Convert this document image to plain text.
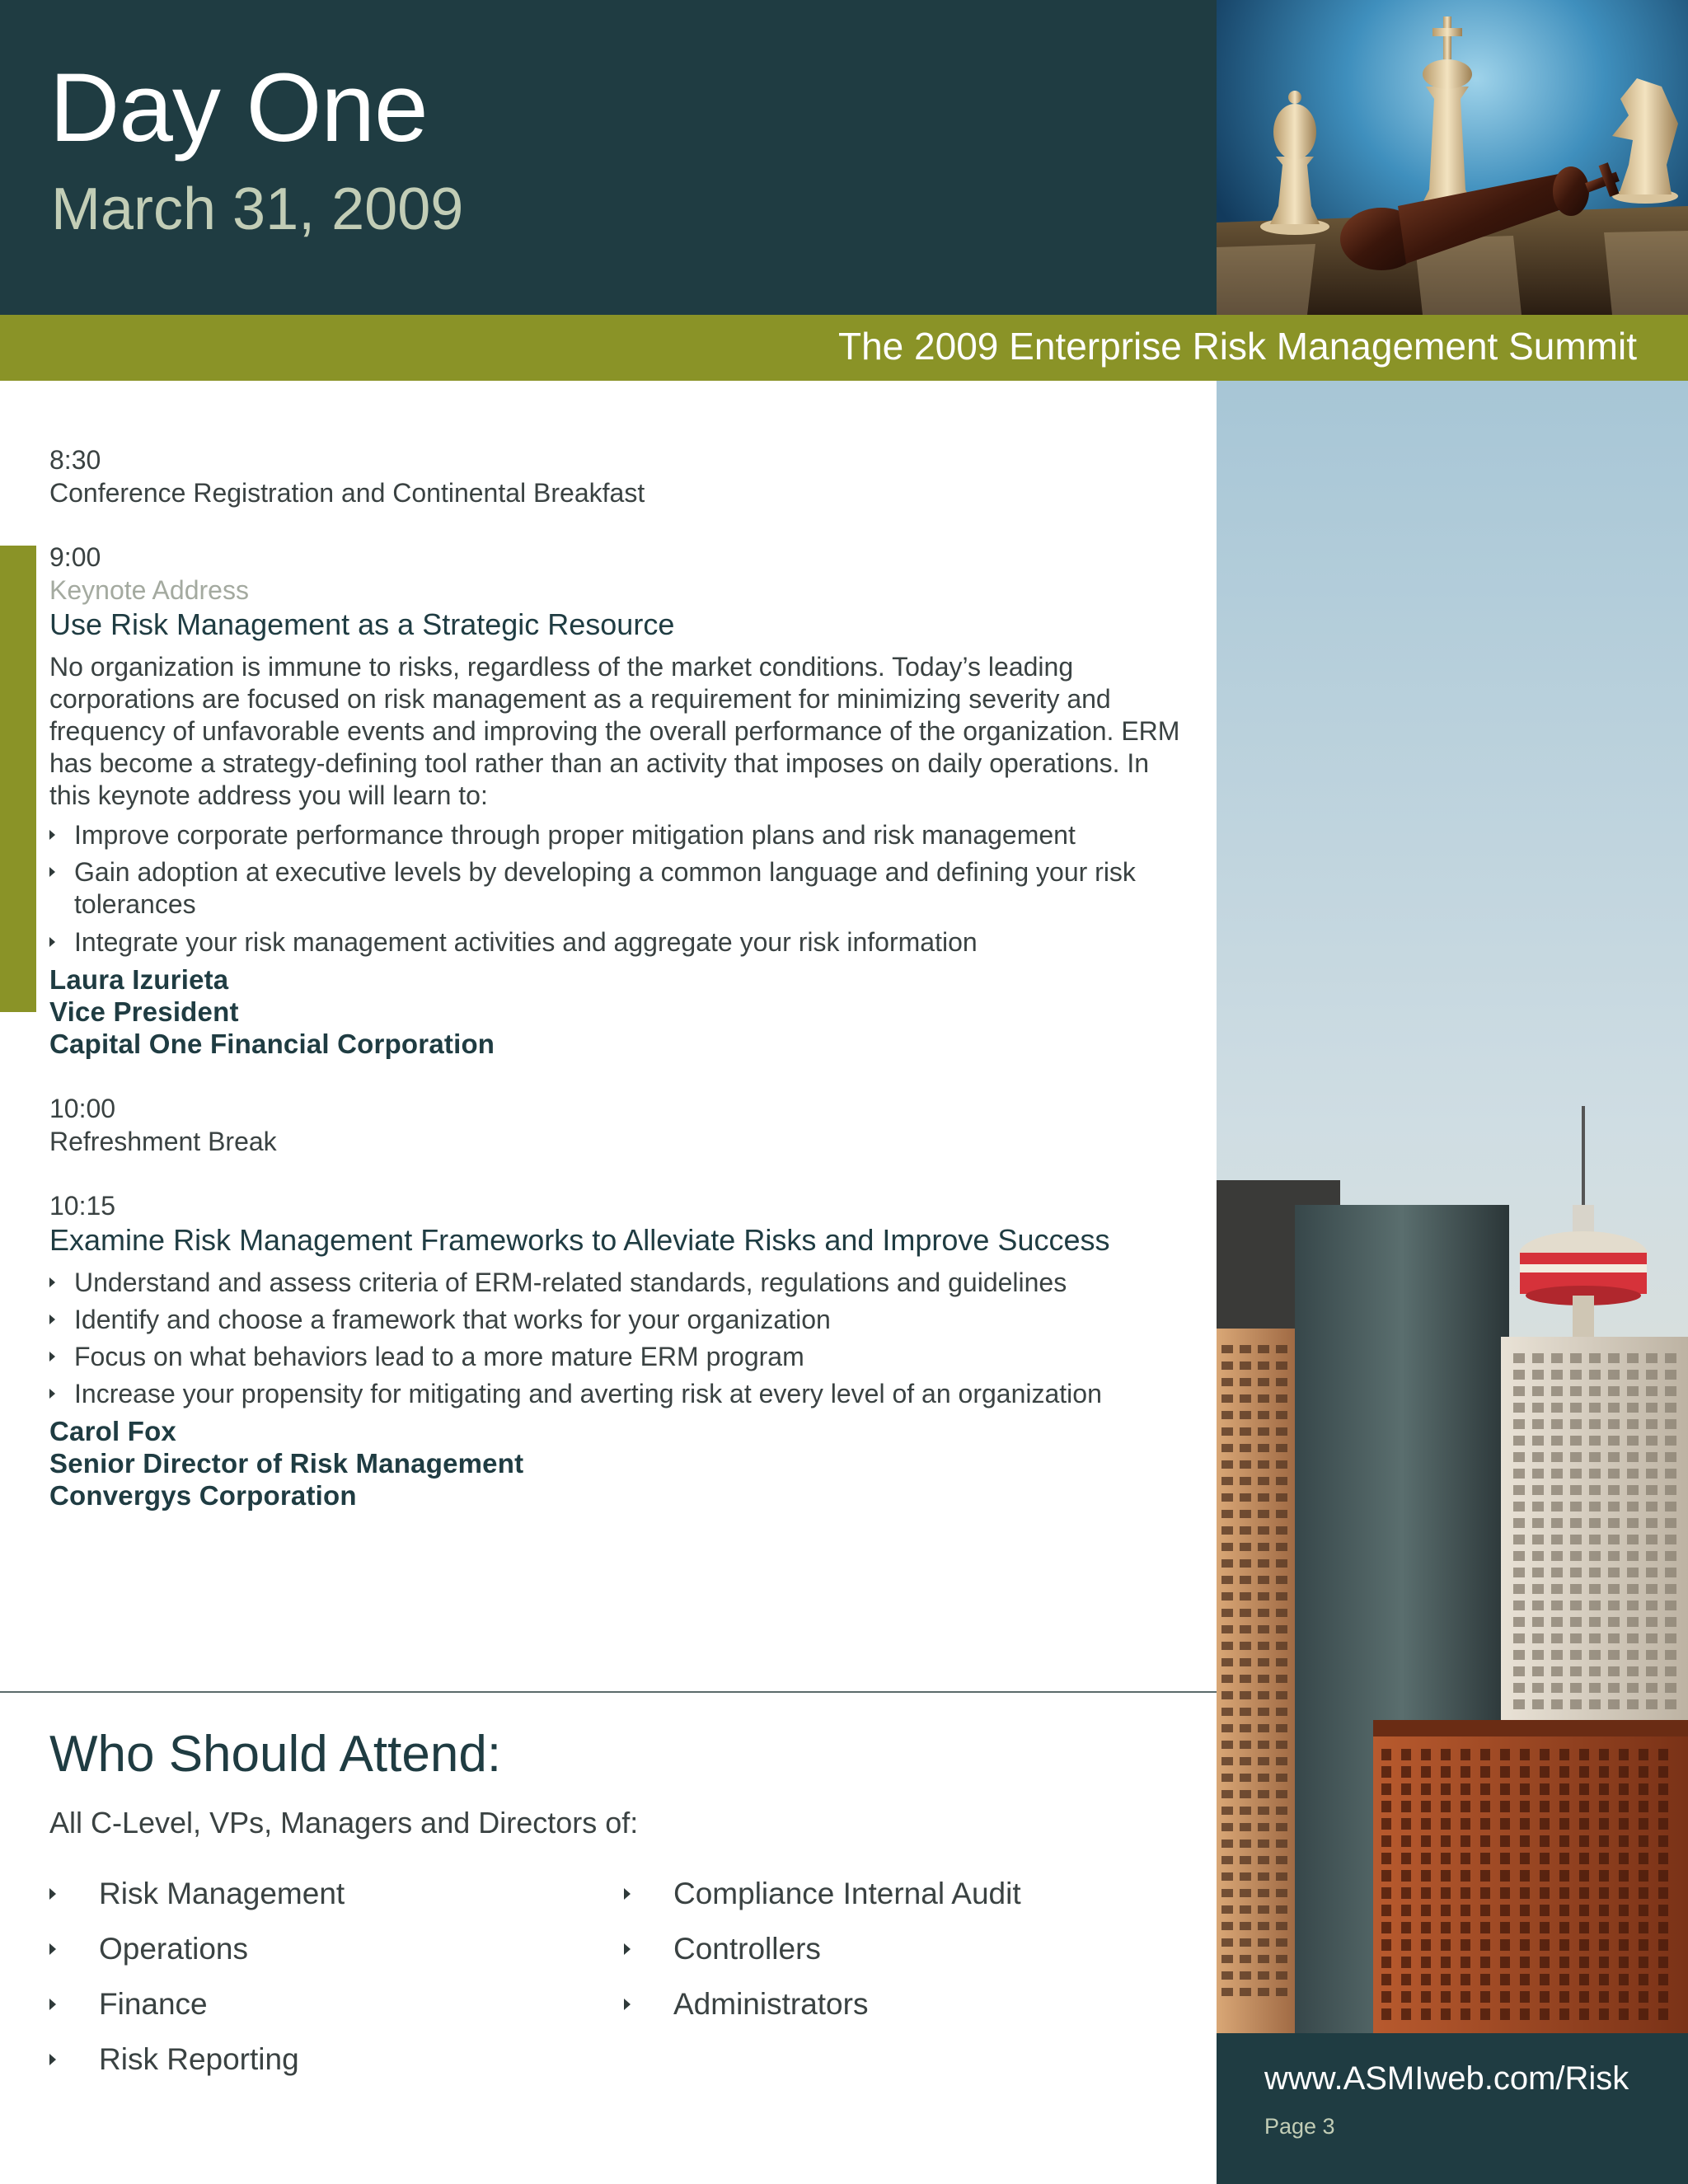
Day One
March 31, 2009
The 2009 Enterprise Risk Management Summit
www.ASMIweb.com/Risk
Page 3
8:30
Conference Registration and Continental Breakfast
9:00
Keynote Address
Use Risk Management as a Strategic Resource
No organization is immune to risks, regardless of the market conditions. Today’s leading corporations are focused on risk management as a requirement for minimizing severity and frequency of unfavorable events and improving the overall performance of the organization. ERM has become a strategy-defining tool rather than an activity that imposes on daily operations. In this keynote address you will learn to:
Improve corporate performance through proper mitigation plans and risk management
Gain adoption at executive levels by developing a common language and defining your risk tolerances
Integrate your risk management activities and aggregate your risk information
Laura Izurieta
Vice President
Capital One Financial Corporation
10:00
Refreshment Break
10:15
Examine Risk Management Frameworks to Alleviate Risks and Improve Success
Understand and assess criteria of ERM-related standards, regulations and guidelines
Identify and choose a framework that works for your organization
Focus on what behaviors lead to a more mature ERM program
Increase your propensity for mitigating and averting risk at every level of an organization
Carol Fox
Senior Director of Risk Management
Convergys Corporation
Who Should Attend:
All C-Level, VPs, Managers and Directors of:
Risk Management
Operations
Finance
Risk Reporting
Compliance Internal Audit
Controllers
Administrators
